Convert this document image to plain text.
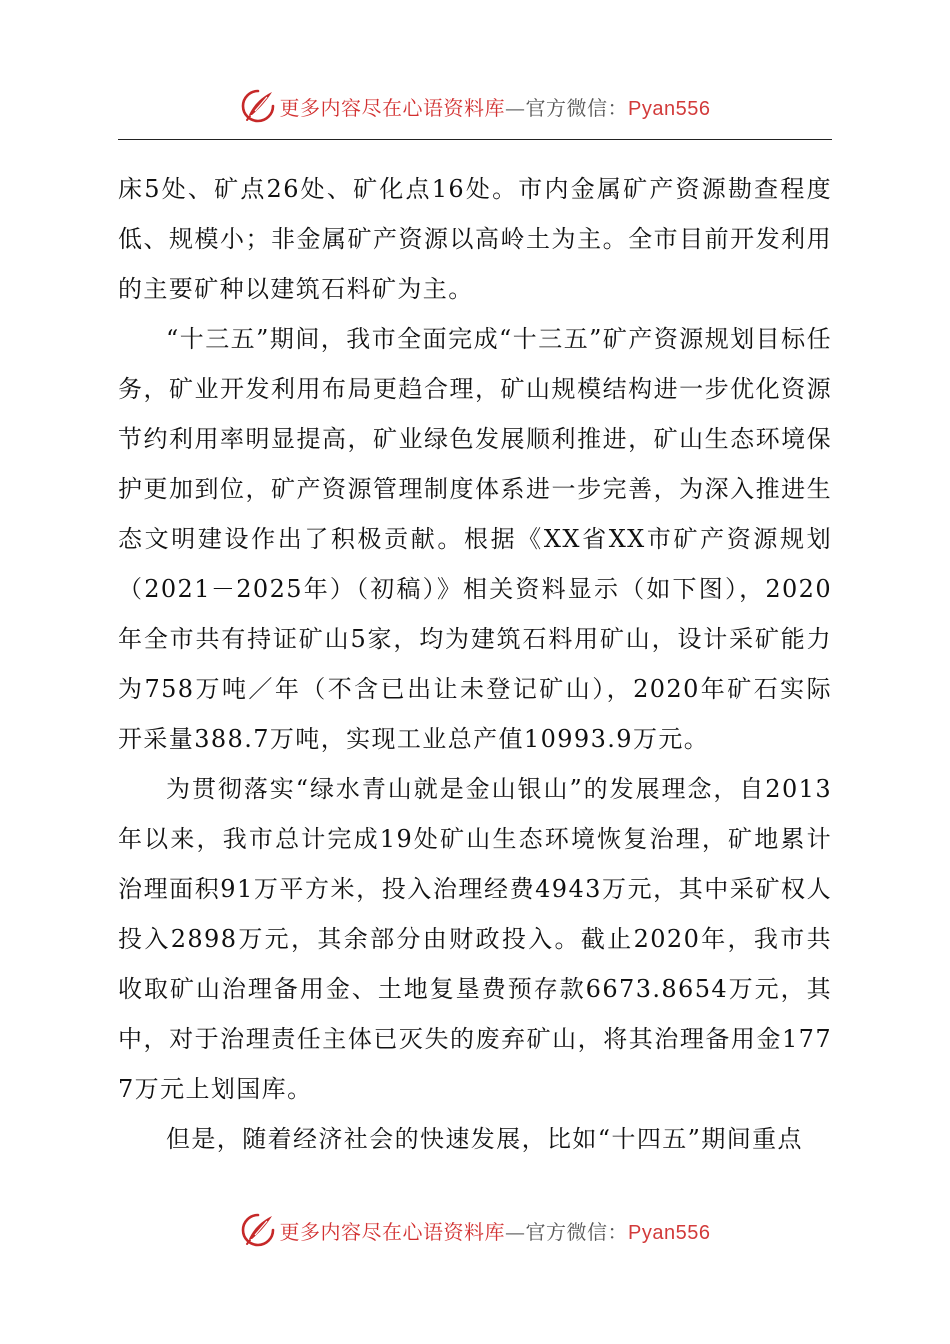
更多内容尽在心语资料库—官方微信：Pyan556

床5处、矿点26处、矿化点16处。市内金属矿产资源勘查程度低、规模小；非金属矿产资源以高岭土为主。全市目前开发利用的主要矿种以建筑石料矿为主。

“十三五”期间，我市全面完成“十三五”矿产资源规划目标任务，矿业开发利用布局更趋合理，矿山规模结构进一步优化资源节约利用率明显提高，矿业绿色发展顺利推进，矿山生态环境保护更加到位，矿产资源管理制度体系进一步完善，为深入推进生态文明建设作出了积极贡献。根据《XX省XX市矿产资源规划（2021－2025年）（初稿）》相关资料显示（如下图），2020年全市共有持证矿山5家，均为建筑石料用矿山，设计采矿能力为758万吨／年（不含已出让未登记矿山），2020年矿石实际开采量388.7万吨，实现工业总产值10993.9万元。

为贯彻落实“绿水青山就是金山银山”的发展理念，自2013年以来，我市总计完成19处矿山生态环境恢复治理，矿地累计治理面积91万平方米，投入治理经费4943万元，其中采矿权人投入2898万元，其余部分由财政投入。截止2020年，我市共收取矿山治理备用金、土地复垦费预存款6673.8654万元，其中，对于治理责任主体已灭失的废弃矿山，将其治理备用金1777万元上划国库。

但是，随着经济社会的快速发展，比如“十四五”期间重点

更多内容尽在心语资料库—官方微信：Pyan556
